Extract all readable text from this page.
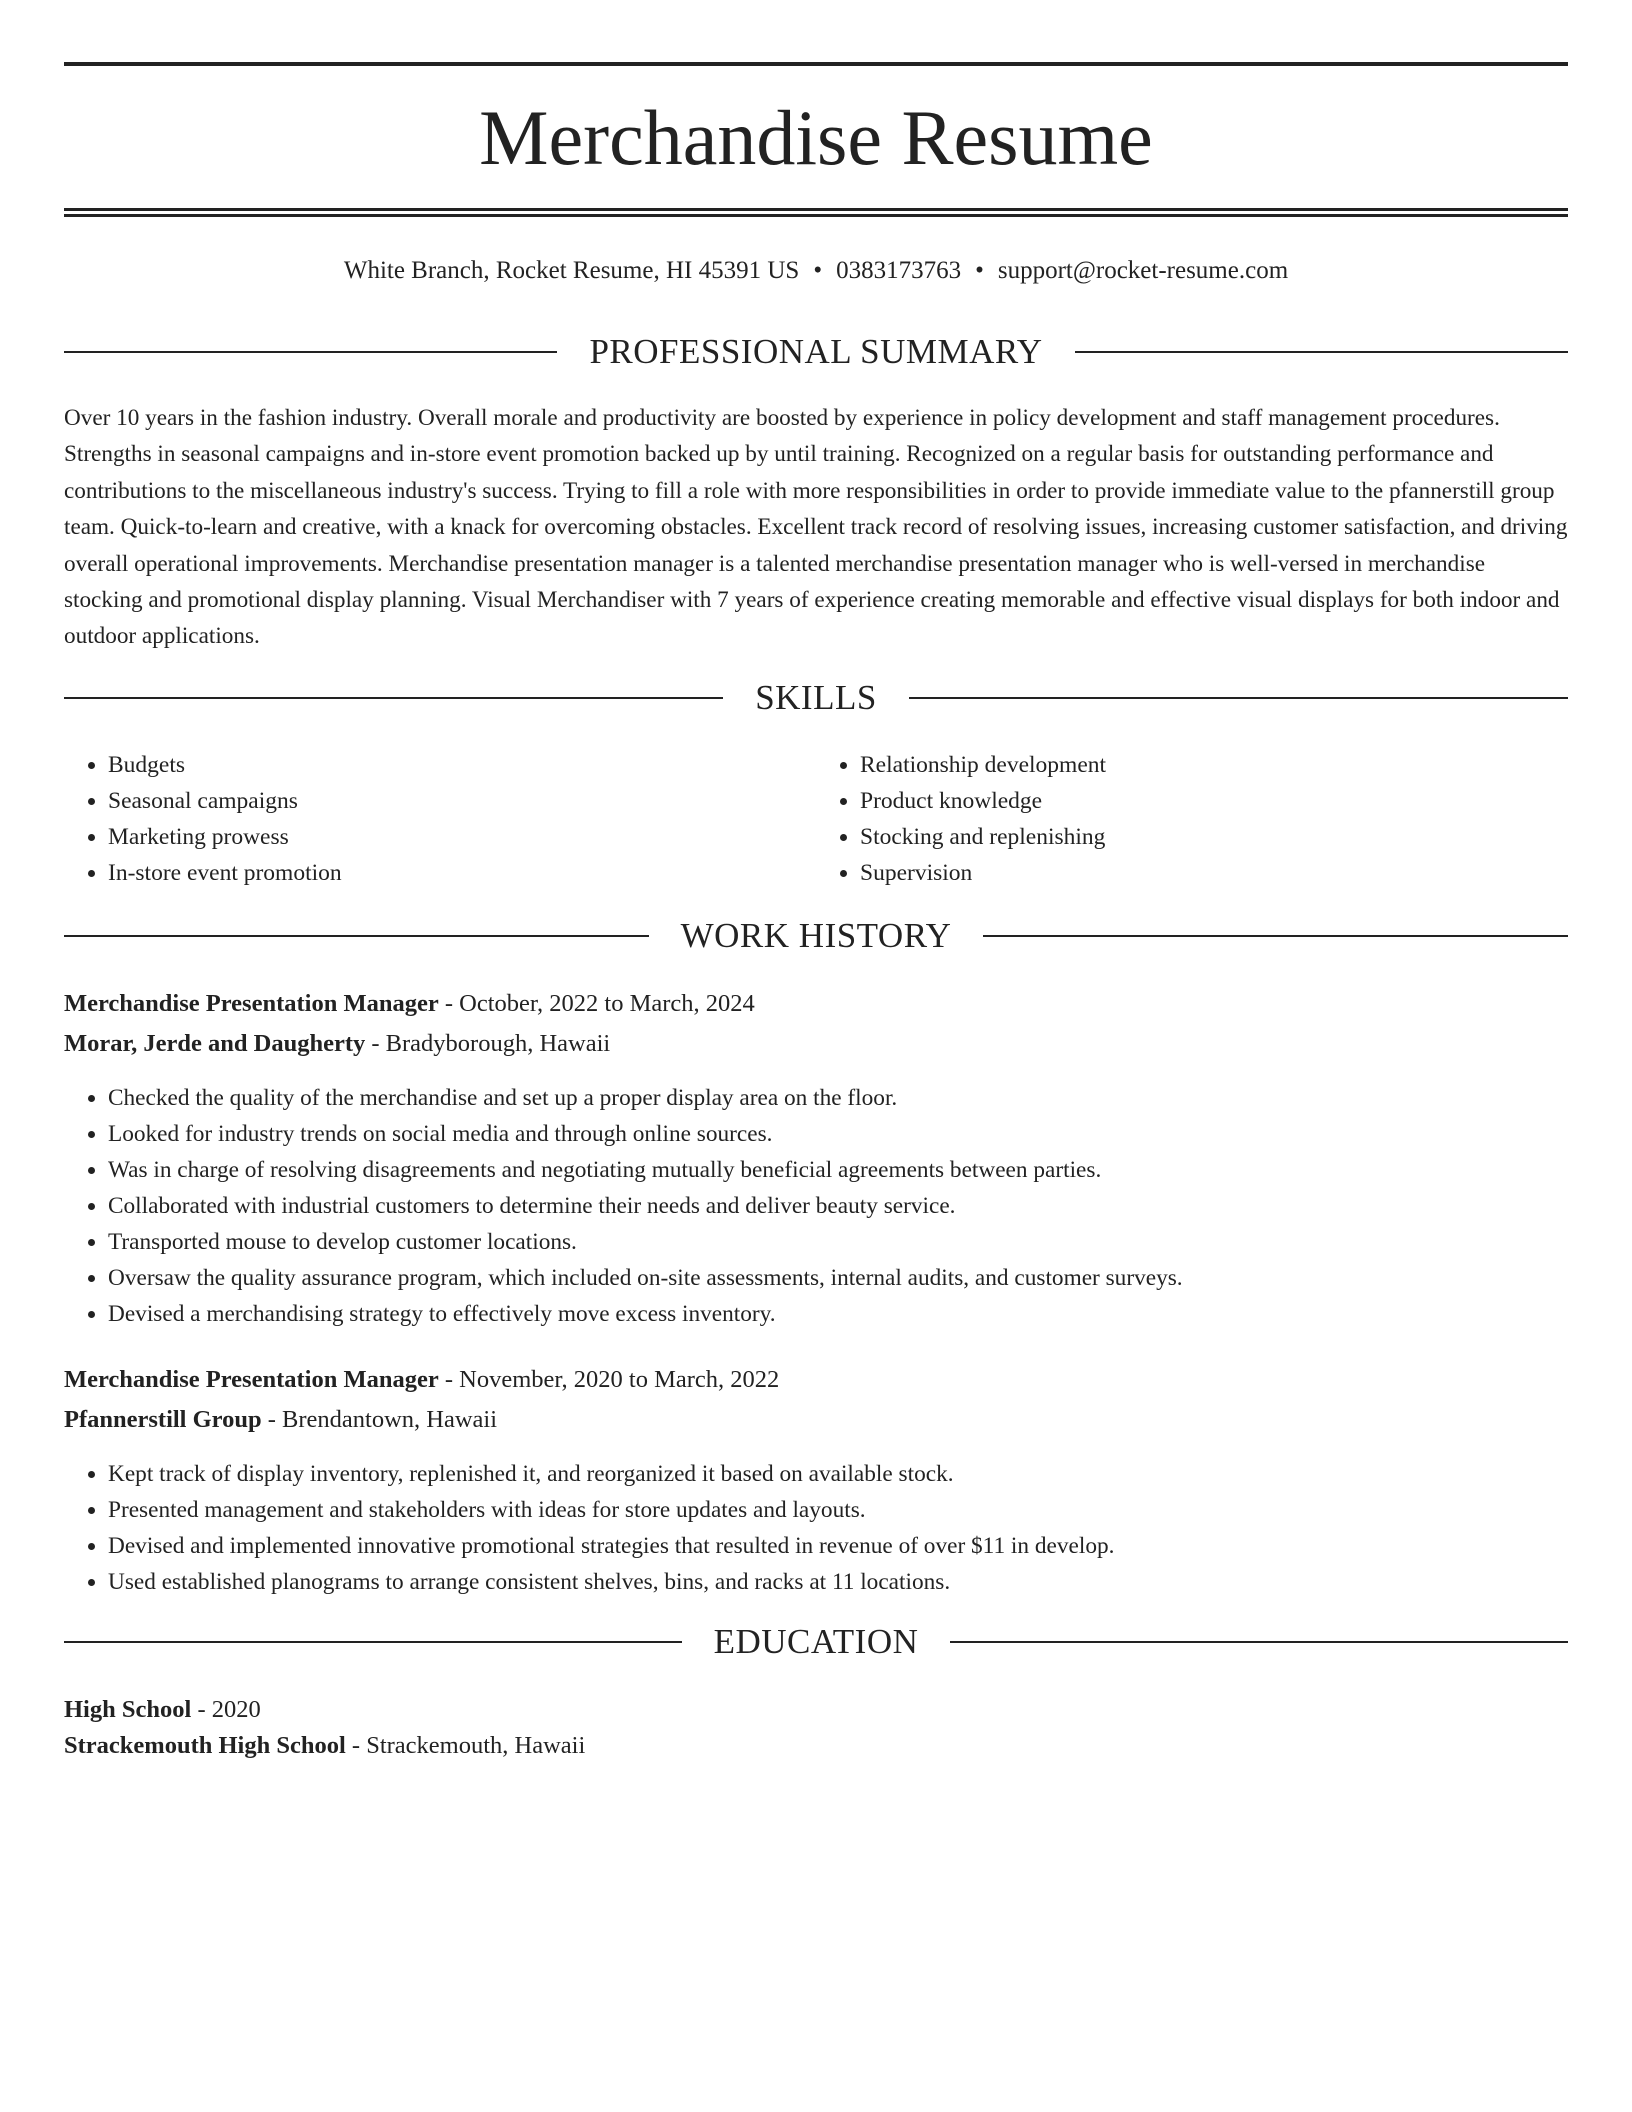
Merchandise Resume
White Branch, Rocket Resume, HI 45391 US • 0383173763 • support@rocket-resume.com
PROFESSIONAL SUMMARY

Over 10 years in the fashion industry. Overall morale and productivity are boosted by experience in policy development and staff management procedures. Strengths in seasonal campaigns and in-store event promotion backed up by until training. Recognized on a regular basis for outstanding performance and contributions to the miscellaneous industry's success. Trying to fill a role with more responsibilities in order to provide immediate value to the pfannerstill group team. Quick-to-learn and creative, with a knack for overcoming obstacles. Excellent track record of resolving issues, increasing customer satisfaction, and driving overall operational improvements. Merchandise presentation manager is a talented merchandise presentation manager who is well-versed in merchandise stocking and promotional display planning. Visual Merchandiser with 7 years of experience creating memorable and effective visual displays for both indoor and outdoor applications.

SKILLS
• Budgets
• Seasonal campaigns
• Marketing prowess
• In-store event promotion
• Relationship development
• Product knowledge
• Stocking and replenishing
• Supervision
WORK HISTORY
Merchandise Presentation Manager - October, 2022 to March, 2024
Morar, Jerde and Daugherty - Bradyborough, Hawaii
• Checked the quality of the merchandise and set up a proper display area on the floor.
• Looked for industry trends on social media and through online sources.
• Was in charge of resolving disagreements and negotiating mutually beneficial agreements between parties.
• Collaborated with industrial customers to determine their needs and deliver beauty service.
• Transported mouse to develop customer locations.
• Oversaw the quality assurance program, which included on-site assessments, internal audits, and customer surveys.
• Devised a merchandising strategy to effectively move excess inventory.
Merchandise Presentation Manager - November, 2020 to March, 2022
Pfannerstill Group - Brendantown, Hawaii
• Kept track of display inventory, replenished it, and reorganized it based on available stock.
• Presented management and stakeholders with ideas for store updates and layouts.
• Devised and implemented innovative promotional strategies that resulted in revenue of over $11 in develop.
• Used established planograms to arrange consistent shelves, bins, and racks at 11 locations.
EDUCATION
High School - 2020
Strackemouth High School - Strackemouth, Hawaii
